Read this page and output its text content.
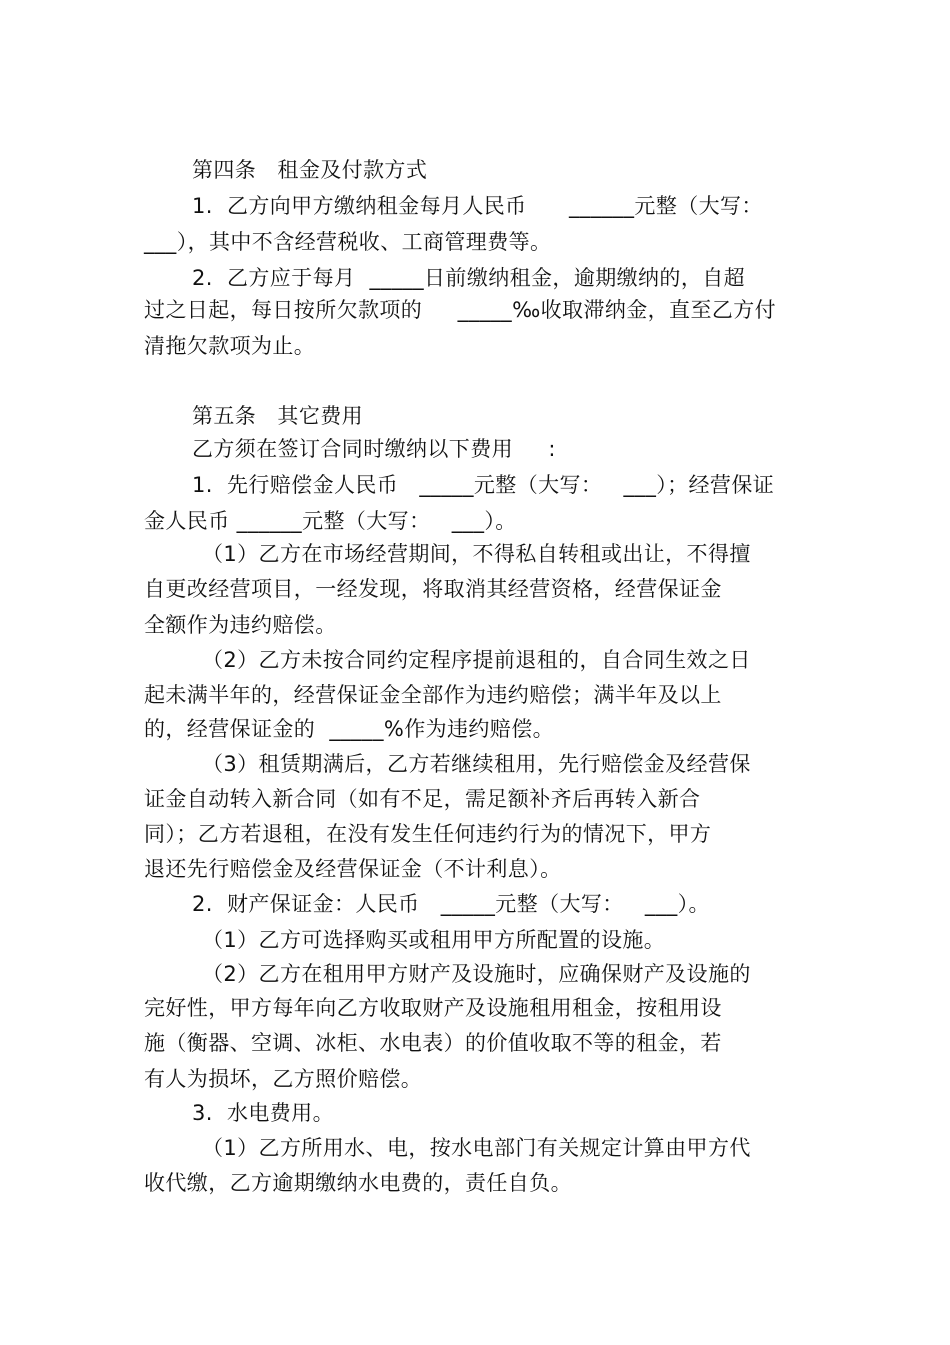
第四条   租金及付款方式
1.  乙方向甲方缴纳租金每月人民币      ______元整（大写：
___），其中不含经营税收、工商管理费等。
2.  乙方应于每月  _____日前缴纳租金，逾期缴纳的，自超
过之日起，每日按所欠款项的     _____‰收取滞纳金，直至乙方付
清拖欠款项为止。
第五条   其它费用
乙方须在签订合同时缴纳以下费用     :
1.  先行赔偿金人民币   _____元整（大写：   ___）；经营保证
金人民币 ______元整（大写：   ___）。
（1）乙方在市场经营期间，不得私自转租或出让，不得擅
自更改经营项目，一经发现，将取消其经营资格，经营保证金
全额作为违约赔偿。
（2）乙方未按合同约定程序提前退租的，自合同生效之日
起未满半年的，经营保证金全部作为违约赔偿；满半年及以上
的，经营保证金的  _____%作为违约赔偿。
（3）租赁期满后，乙方若继续租用，先行赔偿金及经营保
证金自动转入新合同（如有不足，需足额补齐后再转入新合
同）；乙方若退租，在没有发生任何违约行为的情况下，甲方
退还先行赔偿金及经营保证金（不计利息）。
2.  财产保证金：人民币   _____元整（大写：   ___）。
（1）乙方可选择购买或租用甲方所配置的设施。
（2）乙方在租用甲方财产及设施时，应确保财产及设施的
完好性，甲方每年向乙方收取财产及设施租用租金，按租用设
施（衡器、空调、冰柜、水电表）的价值收取不等的租金，若
有人为损坏，乙方照价赔偿。
3.  水电费用。
（1）乙方所用水、电，按水电部门有关规定计算由甲方代
收代缴，乙方逾期缴纳水电费的，责任自负。
